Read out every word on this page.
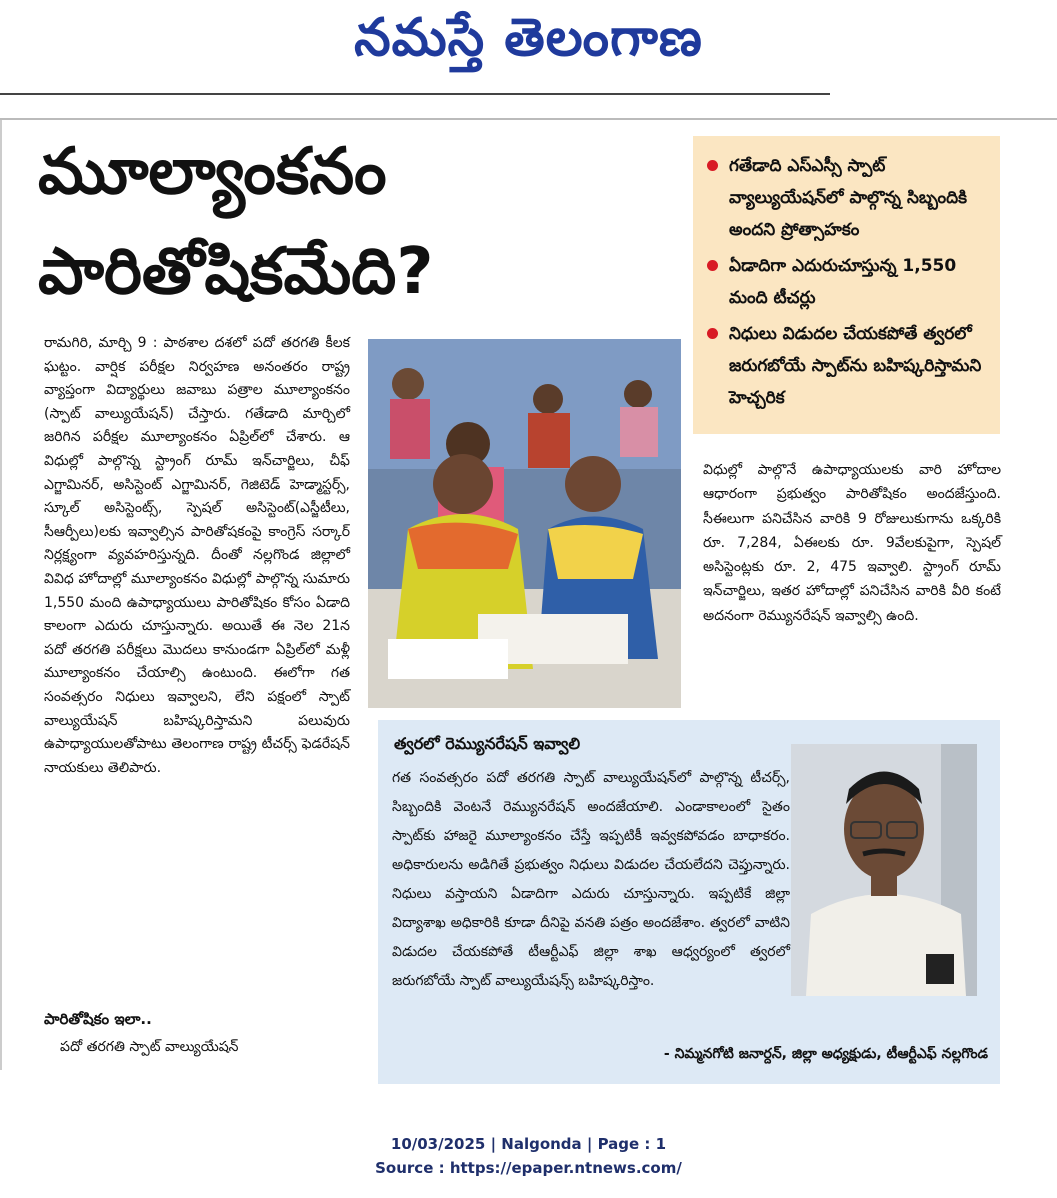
నమస్తే తెలంగాణ
మూల్యాంకనం
పారితోషికమేది?
గతేడాది ఎస్ఎస్సీ స్పాట్ వ్యాల్యుయేషన్‌లో పాల్గొన్న సిబ్బందికి అందని ప్రోత్సాహకం
ఏడాదిగా ఎదురుచూస్తున్న 1,550 మంది టీచర్లు
నిధులు విడుదల చేయకపోతే త్వరలో జరుగబోయే స్పాట్‌ను బహిష్కరిస్తామని హెచ్చరిక
రామగిరి, మార్చి 9 : పాఠశాల దశలో పదో తరగతి కీలక ఘట్టం. వార్షిక పరీక్షల నిర్వహణ అనంతరం రాష్ట్ర వ్యాప్తంగా విద్యార్థులు జవాబు పత్రాల మూల్యాంకనం (స్పాట్ వాల్యుయేషన్) చేస్తారు. గతేడాది మార్చిలో జరిగిన పరీక్షల మూల్యాంకనం ఏప్రిల్‌లో చేశారు. ఆ విధుల్లో పాల్గొన్న స్ట్రాంగ్ రూమ్ ఇన్‌చార్జిలు, చీఫ్ ఎగ్జామినర్, అసిస్టెంట్ ఎగ్జామినర్, గెజిటెడ్ హెడ్మాస్టర్స్, స్కూల్ అసిస్టెంట్స్, స్పెషల్ అసిస్టెంట్(ఎస్జీటీలు, సీఆర్పీలు)లకు ఇవ్వాల్సిన పారితోషకంపై కాంగ్రెస్ సర్కార్ నిర్లక్ష్యంగా వ్యవహరిస్తున్నది. దీంతో నల్లగొండ జిల్లాలో వివిధ హోదాల్లో మూల్యాంకనం విధుల్లో పాల్గొన్న సుమారు 1,550 మంది ఉపాధ్యాయులు పారితోషికం కోసం ఏడాది కాలంగా ఎదురు చూస్తున్నారు. అయితే ఈ నెల 21న పదో తరగతి పరీక్షలు మొదలు కానుండగా ఏప్రిల్‌లో మళ్లీ మూల్యాంకనం చేయాల్సి ఉంటుంది. ఈలోగా గత సంవత్సరం నిధులు ఇవ్వాలని, లేని పక్షంలో స్పాట్ వాల్యుయేషన్ బహిష్కరిస్తామని పలువురు ఉపాధ్యాయులతోపాటు తెలంగాణ రాష్ట్ర టీచర్స్ ఫెడరేషన్ నాయకులు తెలిపారు.
విధుల్లో పాల్గొనే ఉపాధ్యాయులకు వారి హోదాల ఆధారంగా ప్రభుత్వం పారితోషికం అందజేస్తుంది. సీఈలుగా పనిచేసిన వారికి 9 రోజులుకుగాను ఒక్కరికి రూ. 7,284, ఏఈలకు రూ. 9వేలకుపైగా, స్పెషల్ అసిస్టెంట్లకు రూ. 2, 475 ఇవ్వాలి. స్ట్రాంగ్ రూమ్ ఇన్‌చార్జిలు, ఇతర హోదాల్లో పనిచేసిన వారికి వీరి కంటే అదనంగా రెమ్యునరేషన్ ఇవ్వాల్సి ఉంది.
పారితోషికం ఇలా..
పదో తరగతి స్పాట్ వాల్యుయేషన్
త్వరలో రెమ్యునరేషన్ ఇవ్వాలి
గత సంవత్సరం పదో తరగతి స్పాట్ వాల్యుయేషన్‌లో పాల్గొన్న టీచర్స్, సిబ్బందికి వెంటనే రెమ్యునరేషన్ అందజేయాలి. ఎండాకాలంలో సైతం స్పాట్‌కు హాజరై మూల్యాంకనం చేస్తే ఇప్పటికీ ఇవ్వకపోవడం బాధాకరం. అధికారులను అడిగితే ప్రభుత్వం నిధులు విడుదల చేయలేదని చెప్తున్నారు. నిధులు వస్తాయని ఏడాదిగా ఎదురు చూస్తున్నారు. ఇప్పటికే జిల్లా విద్యాశాఖ అధికారికి కూడా దీనిపై వనతి పత్రం అందజేశాం. త్వరలో వాటిని విడుదల చేయకపోతే టీఆర్టీఎఫ్ జిల్లా శాఖ ఆధ్వర్యంలో త్వరలో జరుగబోయే స్పాట్ వాల్యుయేషన్స్ బహిష్కరిస్తాం.
- నిమ్మనగోటి జనార్దన్, జిల్లా అధ్యక్షుడు, టీఆర్టీఎఫ్ నల్లగొండ
10/03/2025 | Nalgonda | Page : 1
Source : https://epaper.ntnews.com/
